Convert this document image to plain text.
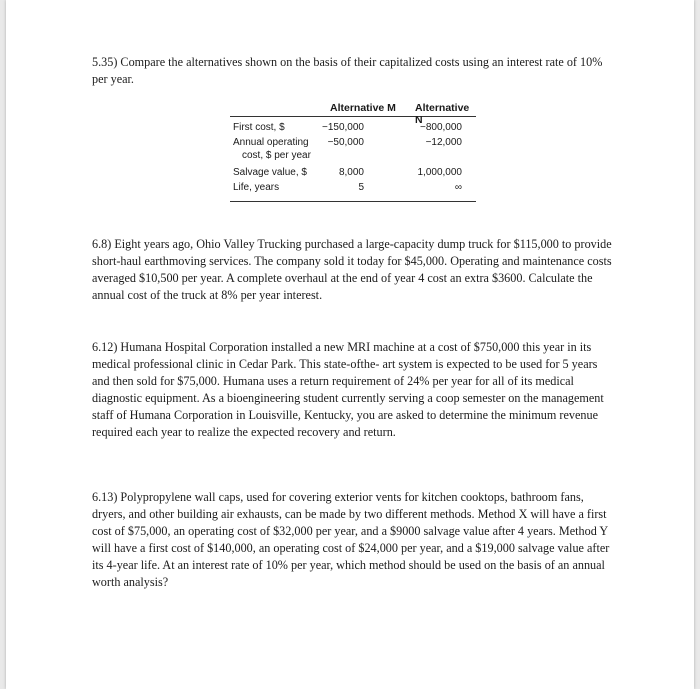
5.35) Compare the alternatives shown on the basis of their capitalized costs using an interest rate of 10% per year.

Alternative M Alternative N
First cost, $	−150,000	−800,000
Annual operating
cost, $ per year
−50,000	−12,000
Salvage value, $	8,000	1,000,000
Life, years	5	∞

6.8) Eight years ago, Ohio Valley Trucking purchased a large-capacity dump truck for $115,000 to provide short-haul earthmoving services. The company sold it today for $45,000. Operating and maintenance costs averaged $10,500 per year. A complete overhaul at the end of year 4 cost an extra $3600. Calculate the annual cost of the truck at 8% per year interest.

6.12) Humana Hospital Corporation installed a new MRI machine at a cost of $750,000 this year in its medical professional clinic in Cedar Park. This state-ofthe- art system is expected to be used for 5 years and then sold for $75,000. Humana uses a return requirement of 24% per year for all of its medical diagnostic equipment. As a bioengineering student currently serving a coop semester on the management staff of Humana Corporation in Louisville, Kentucky, you are asked to determine the minimum revenue required each year to realize the expected recovery and return.

6.13) Polypropylene wall caps, used for covering exterior vents for kitchen cooktops, bathroom fans, dryers, and other building air exhausts, can be made by two different methods. Method X will have a first cost of $75,000, an operating cost of $32,000 per year, and a $9000 salvage value after 4 years. Method Y will have a first cost of $140,000, an operating cost of $24,000 per year, and a $19,000 salvage value after its 4-year life. At an interest rate of 10% per year, which method should be used on the basis of an annual worth analysis?
